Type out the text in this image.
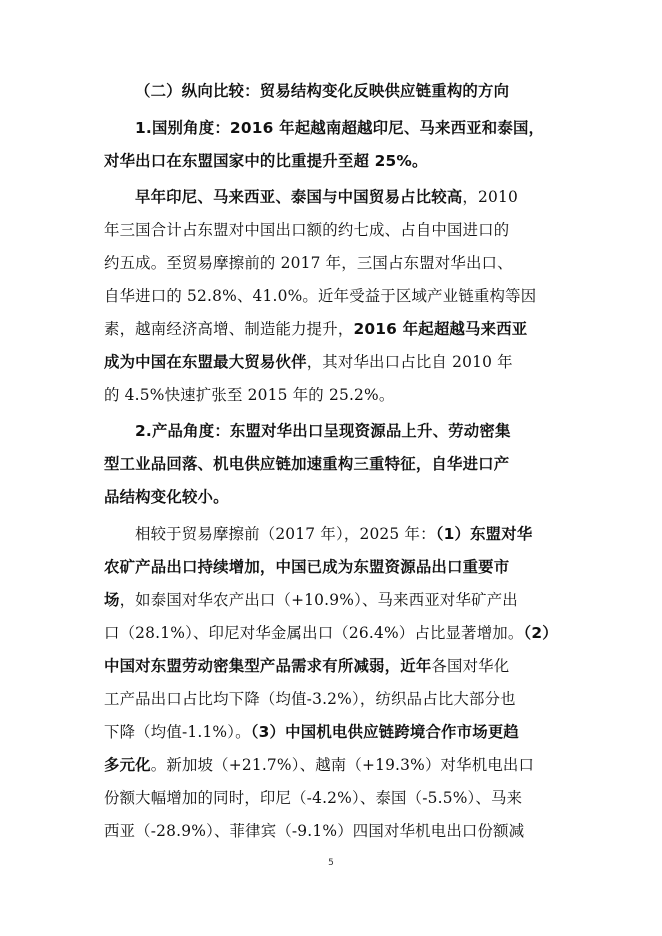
（二）纵向比较：贸易结构变化反映供应链重构的方向
1.国别角度：2016 年起越南超越印尼、马来西亚和泰国，
对华出口在东盟国家中的比重提升至超 25%。
早年印尼、马来西亚、泰国与中国贸易占比较高，2010
年三国合计占东盟对中国出口额的约七成、占自中国进口的
约五成。至贸易摩擦前的 2017 年，三国占东盟对华出口、
自华进口的 52.8%、41.0%。近年受益于区域产业链重构等因
素，越南经济高增、制造能力提升，2016 年起超越马来西亚
成为中国在东盟最大贸易伙伴，其对华出口占比自 2010 年
的 4.5%快速扩张至 2015 年的 25.2%。
2.产品角度：东盟对华出口呈现资源品上升、劳动密集
型工业品回落、机电供应链加速重构三重特征，自华进口产
品结构变化较小。
相较于贸易摩擦前（2017 年），2025 年：（1）东盟对华
农矿产品出口持续增加，中国已成为东盟资源品出口重要市
场，如泰国对华农产出口（+10.9%）、马来西亚对华矿产出
口（28.1%）、印尼对华金属出口（26.4%）占比显著增加。（2）
中国对东盟劳动密集型产品需求有所减弱，近年各国对华化
工产品出口占比均下降（均值-3.2%），纺织品占比大部分也
下降（均值-1.1%）。（3）中国机电供应链跨境合作市场更趋
多元化。新加坡（+21.7%）、越南（+19.3%）对华机电出口
份额大幅增加的同时，印尼（-4.2%）、泰国（-5.5%）、马来
西亚（-28.9%）、菲律宾（-9.1%）四国对华机电出口份额减
5
